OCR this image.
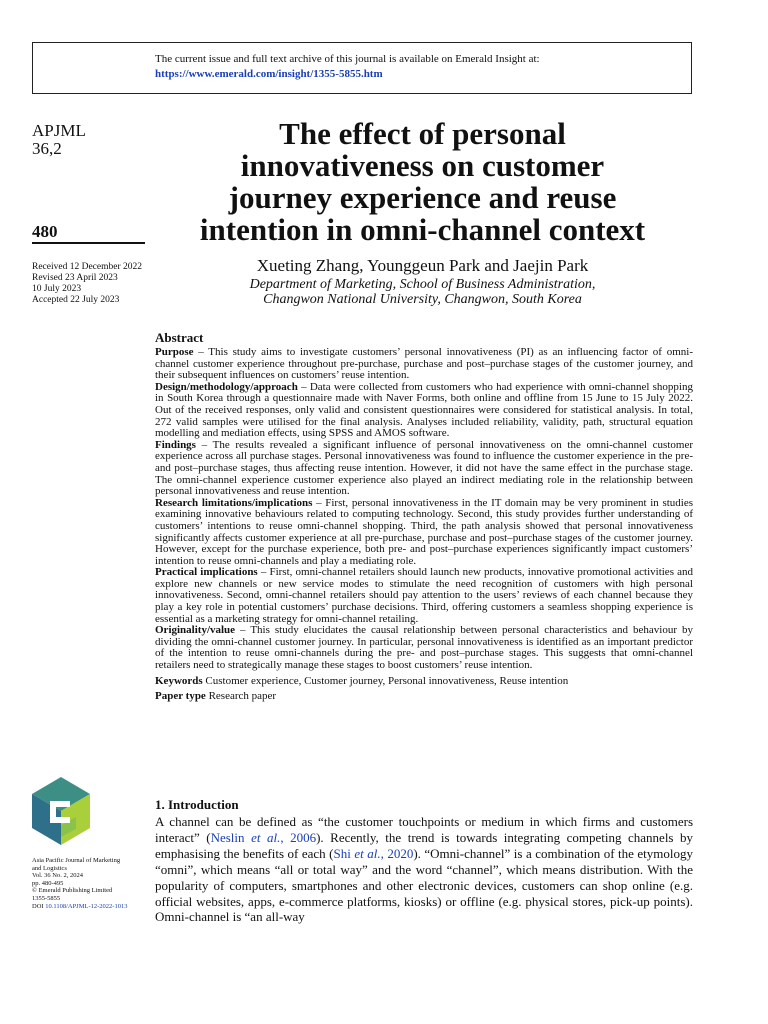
The current issue and full text archive of this journal is available on Emerald Insight at:
https://www.emerald.com/insight/1355-5855.htm
APJML
36,2
480
Received 12 December 2022
Revised 23 April 2023
10 July 2023
Accepted 22 July 2023
The effect of personal
innovativeness on customer
journey experience and reuse
intention in omni-channel context
Xueting Zhang, Younggeun Park and Jaejin Park
Department of Marketing, School of Business Administration,
Changwon National University, Changwon, South Korea
Abstract

Purpose – This study aims to investigate customers’ personal innovativeness (PI) as an influencing factor of omni-channel customer experience throughout pre-purchase, purchase and post–purchase stages of the customer journey, and their subsequent influences on customers’ reuse intention.

Design/methodology/approach – Data were collected from customers who had experience with omni-channel shopping in South Korea through a questionnaire made with Naver Forms, both online and offline from 15 June to 15 July 2022. Out of the received responses, only valid and consistent questionnaires were considered for statistical analysis. In total, 272 valid samples were utilised for the final analysis. Analyses included reliability, validity, path, structural equation modelling and mediation effects, using SPSS and AMOS software.

Findings – The results revealed a significant influence of personal innovativeness on the omni-channel customer experience across all purchase stages. Personal innovativeness was found to influence the customer experience in the pre- and post–purchase stages, thus affecting reuse intention. However, it did not have the same effect in the purchase stage. The omni-channel experience customer experience also played an indirect mediating role in the relationship between personal innovativeness and reuse intention.

Research limitations/implications – First, personal innovativeness in the IT domain may be very prominent in studies examining innovative behaviours related to computing technology. Second, this study provides further understanding of customers’ intentions to reuse omni-channel shopping. Third, the path analysis showed that personal innovativeness significantly affects customer experience at all pre-purchase, purchase and post–purchase stages of the customer journey. However, except for the purchase experience, both pre- and post–purchase experiences significantly impact customers’ intention to reuse omni-channels and play a mediating role.

Practical implications – First, omni-channel retailers should launch new products, innovative promotional activities and explore new channels or new service modes to stimulate the need recognition of customers with high personal innovativeness. Second, omni-channel retailers should pay attention to the users’ reviews of each channel because they play a key role in potential customers’ purchase decisions. Third, offering customers a seamless shopping experience is essential as a marketing strategy for omni-channel retailing.

Originality/value – This study elucidates the causal relationship between personal characteristics and behaviour by dividing the omni-channel customer journey. In particular, personal innovativeness is identified as an important predictor of the intention to reuse omni-channels during the pre- and post–purchase stages. This suggests that omni-channel retailers need to strategically manage these stages to boost customers’ reuse intention.

Keywords Customer experience, Customer journey, Personal innovativeness, Reuse intention
Paper type Research paper
Asia Pacific Journal of Marketing
and Logistics
Vol. 36 No. 2, 2024
pp. 480-495
© Emerald Publishing Limited
1355-5855
DOI 10.1108/APJML-12-2022-1013
1. Introduction

A channel can be defined as “the customer touchpoints or medium in which firms and customers interact” (Neslin et al., 2006). Recently, the trend is towards integrating competing channels by emphasising the benefits of each (Shi et al., 2020). “Omni-channel” is a combination of the etymology “omni”, which means “all or total way” and the word “channel”, which means distribution. With the popularity of computers, smartphones and other electronic devices, customers can shop online (e.g. official websites, apps, e-commerce platforms, kiosks) or offline (e.g. physical stores, pick-up points). Omni-channel is “an all-way
